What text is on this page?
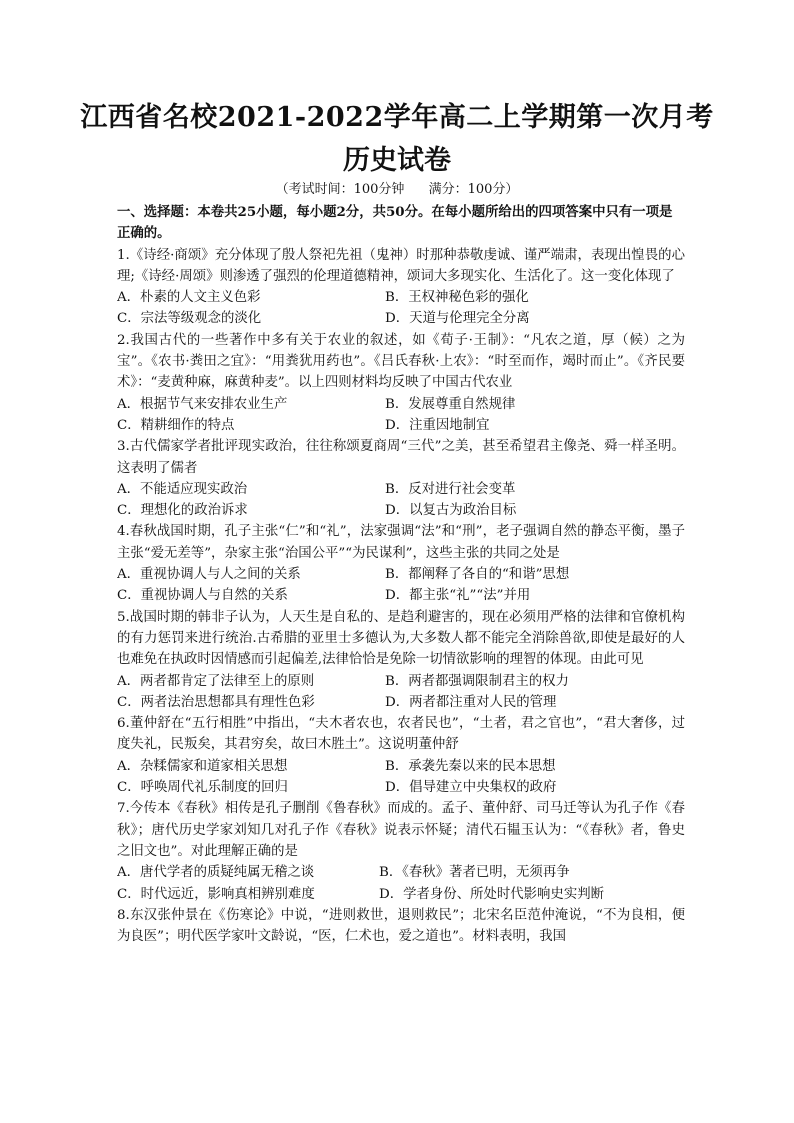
江西省名校2021-2022学年高二上学期第一次月考
历史试卷
（考试时间：100分钟 满分：100分）

一、选择题：本卷共25小题，每小题2分，共50分。在每小题所给出的四项答案中只有一项是正确的。

1.《诗经·商颂》充分体现了殷人祭祀先祖（鬼神）时那种恭敬虔诚、谨严端肃，表现出惶畏的心理;《诗经·周颂》则渗透了强烈的伦理道德精神，颂词大多现实化、生活化了。这一变化体现了

A．朴素的人文主义色彩	B．王权神秘色彩的强化
C．宗法等级观念的淡化	D．天道与伦理完全分离

2.我国古代的一些著作中多有关于农业的叙述，如《荀子·王制》：“凡农之道，厚（候）之为宝”。《农书·粪田之宜》：“用粪犹用药也”。《吕氏春秋·上农》：“时至而作，竭时而止”。《齐民要术》：“麦黄种麻，麻黄种麦”。以上四则材料均反映了中国古代农业

A．根据节气来安排农业生产	B．发展尊重自然规律
C．精耕细作的特点	D．注重因地制宜

3.古代儒家学者批评现实政治，往往称颂夏商周“三代”之美，甚至希望君主像尧、舜一样圣明。这表明了儒者

A．不能适应现实政治	B．反对进行社会变革
C．理想化的政治诉求	D．以复古为政治目标

4.春秋战国时期，孔子主张“仁”和“礼”，法家强调“法”和“刑”，老子强调自然的静态平衡，墨子主张“爱无差等”，杂家主张“治国公平”“为民谋利”，这些主张的共同之处是

A．重视协调人与人之间的关系	B．都阐释了各自的“和谐”思想
C．重视协调人与自然的关系	D．都主张“礼”“法”并用

5.战国时期的韩非子认为，人天生是自私的、是趋利避害的，现在必须用严格的法律和官僚机构的有力惩罚来进行统治.古希腊的亚里士多德认为,大多数人都不能完全消除兽欲,即使是最好的人也难免在执政时因情感而引起偏差,法律恰恰是免除一切情欲影响的理智的体现。由此可见

A．两者都肯定了法律至上的原则	B．两者都强调限制君主的权力
C．两者法治思想都具有理性色彩	D．两者都注重对人民的管理

6.董仲舒在“五行相胜”中指出，“夫木者农也，农者民也”，“土者，君之官也”，“君大奢侈，过度失礼，民叛矣，其君穷矣，故曰木胜土”。这说明董仲舒

A．杂糅儒家和道家相关思想	B．承袭先秦以来的民本思想
C．呼唤周代礼乐制度的回归	D．倡导建立中央集权的政府

7.今传本《春秋》相传是孔子删削《鲁春秋》而成的。孟子、董仲舒、司马迁等认为孔子作《春秋》；唐代历史学家刘知几对孔子作《春秋》说表示怀疑；清代石韫玉认为：“《春秋》者，鲁史之旧文也”。对此理解正确的是

A．唐代学者的质疑纯属无稽之谈	B．《春秋》著者已明，无须再争
C．时代远近，影响真相辨别难度	D．学者身份、所处时代影响史实判断

8.东汉张仲景在《伤寒论》中说，“进则救世，退则救民”；北宋名臣范仲淹说，“不为良相，便为良医”；明代医学家叶文龄说，“医，仁术也，爱之道也”。材料表明，我国
